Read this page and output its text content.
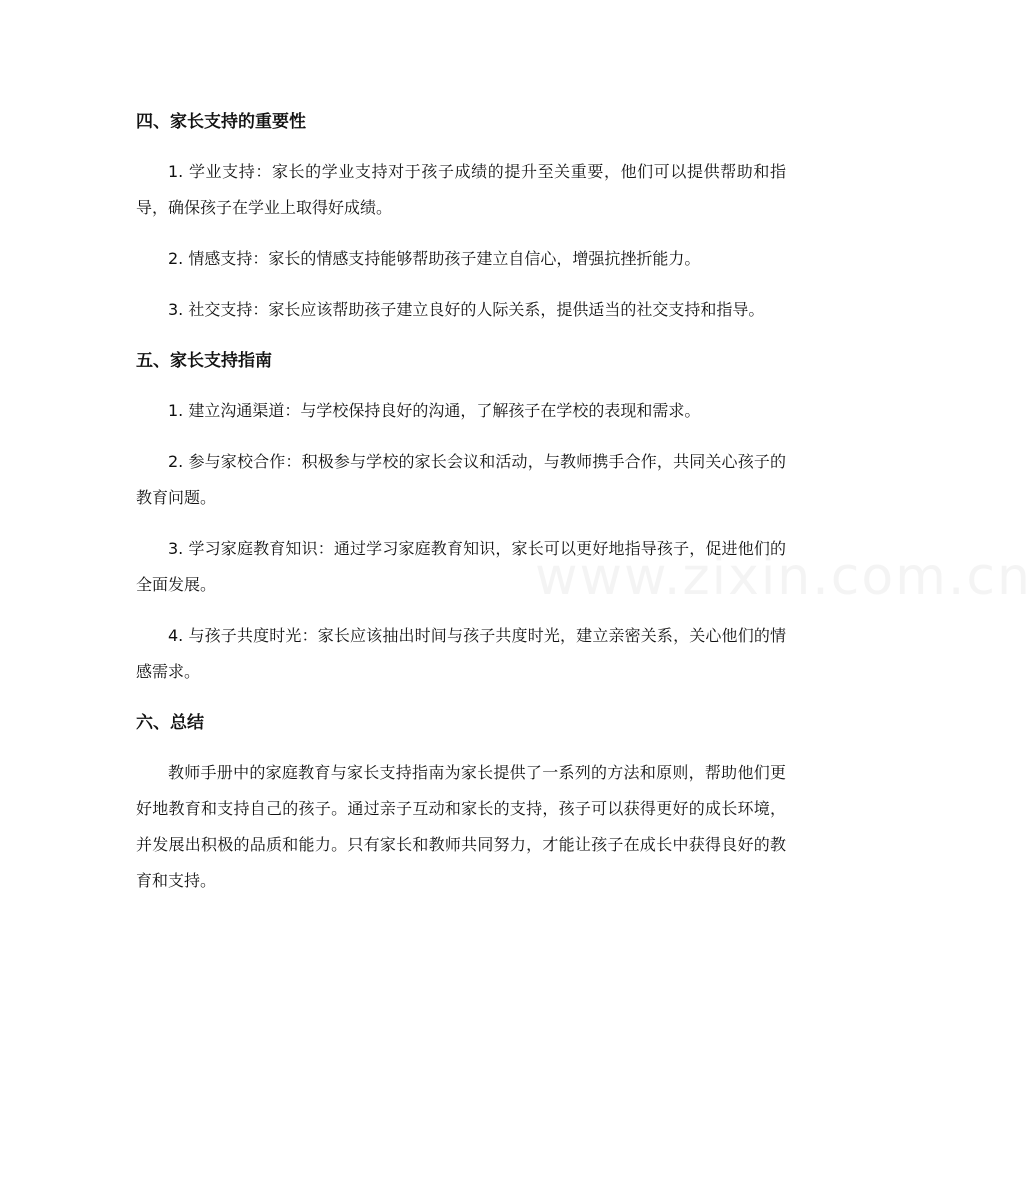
www.zixin.com.cn
四、家长支持的重要性

1. 学业支持：家长的学业支持对于孩子成绩的提升至关重要，他们可以提供帮助和指导，确保孩子在学业上取得好成绩。

2. 情感支持：家长的情感支持能够帮助孩子建立自信心，增强抗挫折能力。

3. 社交支持：家长应该帮助孩子建立良好的人际关系，提供适当的社交支持和指导。

五、家长支持指南

1. 建立沟通渠道：与学校保持良好的沟通，了解孩子在学校的表现和需求。

2. 参与家校合作：积极参与学校的家长会议和活动，与教师携手合作，共同关心孩子的教育问题。

3. 学习家庭教育知识：通过学习家庭教育知识，家长可以更好地指导孩子，促进他们的全面发展。

4. 与孩子共度时光：家长应该抽出时间与孩子共度时光，建立亲密关系，关心他们的情感需求。

六、总结

教师手册中的家庭教育与家长支持指南为家长提供了一系列的方法和原则，帮助他们更好地教育和支持自己的孩子。通过亲子互动和家长的支持，孩子可以获得更好的成长环境，并发展出积极的品质和能力。只有家长和教师共同努力，才能让孩子在成长中获得良好的教育和支持。
